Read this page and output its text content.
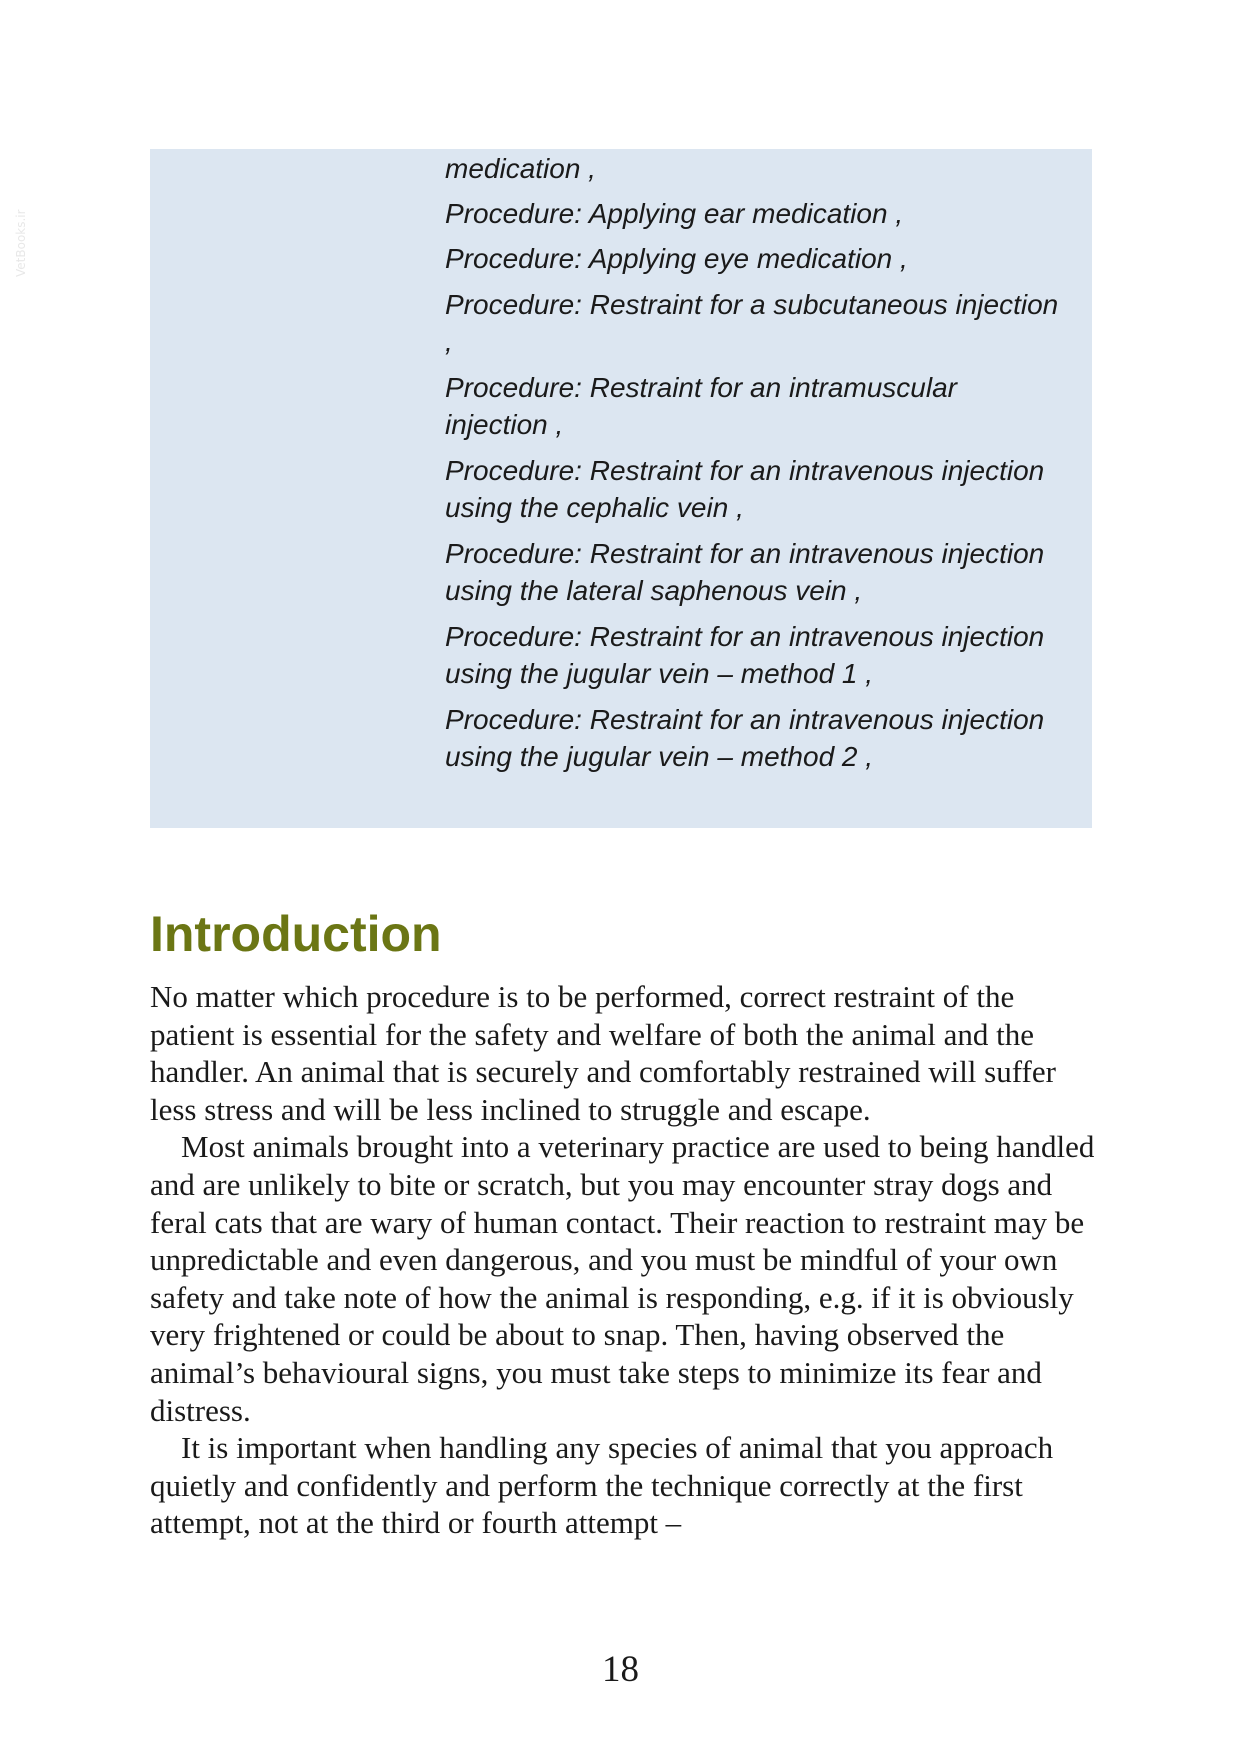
VetBooks.ir
medication ,
Procedure: Applying ear medication ,
Procedure: Applying eye medication ,
Procedure: Restraint for a subcutaneous injection ,
Procedure: Restraint for an intramuscular injection ,
Procedure: Restraint for an intravenous injection using the cephalic vein ,
Procedure: Restraint for an intravenous injection using the lateral saphenous vein ,
Procedure: Restraint for an intravenous injection using the jugular vein – method 1 ,
Procedure: Restraint for an intravenous injection using the jugular vein – method 2 ,
Introduction

No matter which procedure is to be performed, correct restraint of the patient is essential for the safety and welfare of both the animal and the handler. An animal that is securely and comfortably restrained will suffer less stress and will be less inclined to struggle and escape.

Most animals brought into a veterinary practice are used to being handled and are unlikely to bite or scratch, but you may encounter stray dogs and feral cats that are wary of human contact. Their reaction to restraint may be unpredictable and even dangerous, and you must be mindful of your own safety and take note of how the animal is responding, e.g. if it is obviously very frightened or could be about to snap. Then, having observed the animal’s behavioural signs, you must take steps to minimize its fear and distress.

It is important when handling any species of animal that you approach quietly and confidently and perform the technique correctly at the first attempt, not at the third or fourth attempt –

18
